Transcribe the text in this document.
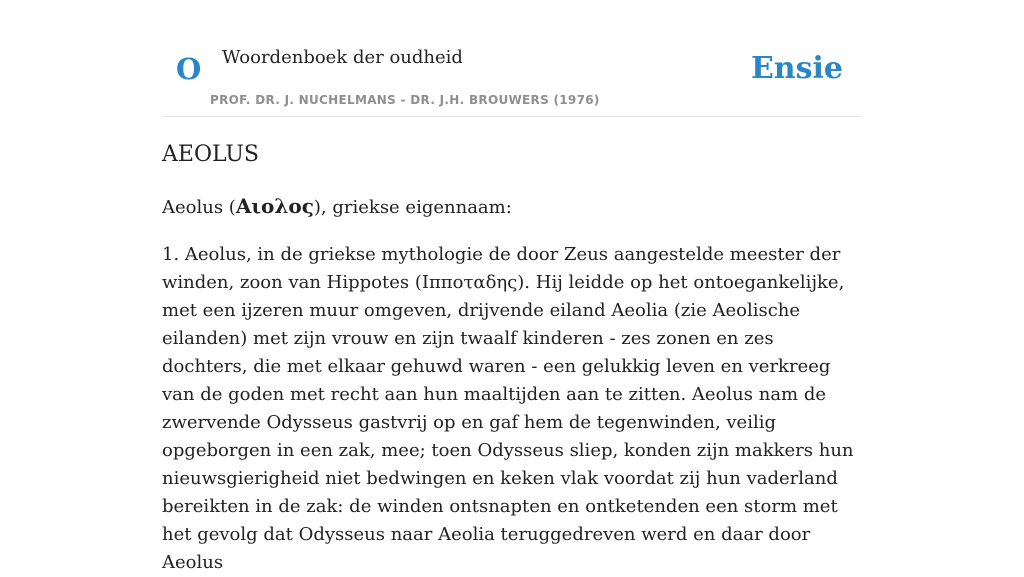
O Woordenboek der oudheid
PROF. DR. J. NUCHELMANS - DR. J.H. BROUWERS (1976)
Ensie
AEOLUS

Aeolus (Αιολος), griekse eigennaam:

1. Aeolus, in de griekse mythologie de door Zeus aangestelde meester der winden, zoon van Hippotes (Ιπποταδης). Hij leidde op het ontoegankelijke, met een ijzeren muur omgeven, drijvende eiland Aeolia (zie Aeolische eilanden) met zijn vrouw en zijn twaalf kinderen - zes zonen en zes dochters, die met elkaar gehuwd waren - een gelukkig leven en verkreeg van de goden met recht aan hun maaltijden aan te zitten. Aeolus nam de zwervende Odysseus gastvrij op en gaf hem de tegenwinden, veilig opgeborgen in een zak, mee; toen Odysseus sliep, konden zijn makkers hun nieuwsgierigheid niet bedwingen en keken vlak voordat zij hun vaderland bereikten in de zak: de winden ontsnapten en ontketenden een storm met het gevolg dat Odysseus naar Aeolia teruggedreven werd en daar door Aeolus
